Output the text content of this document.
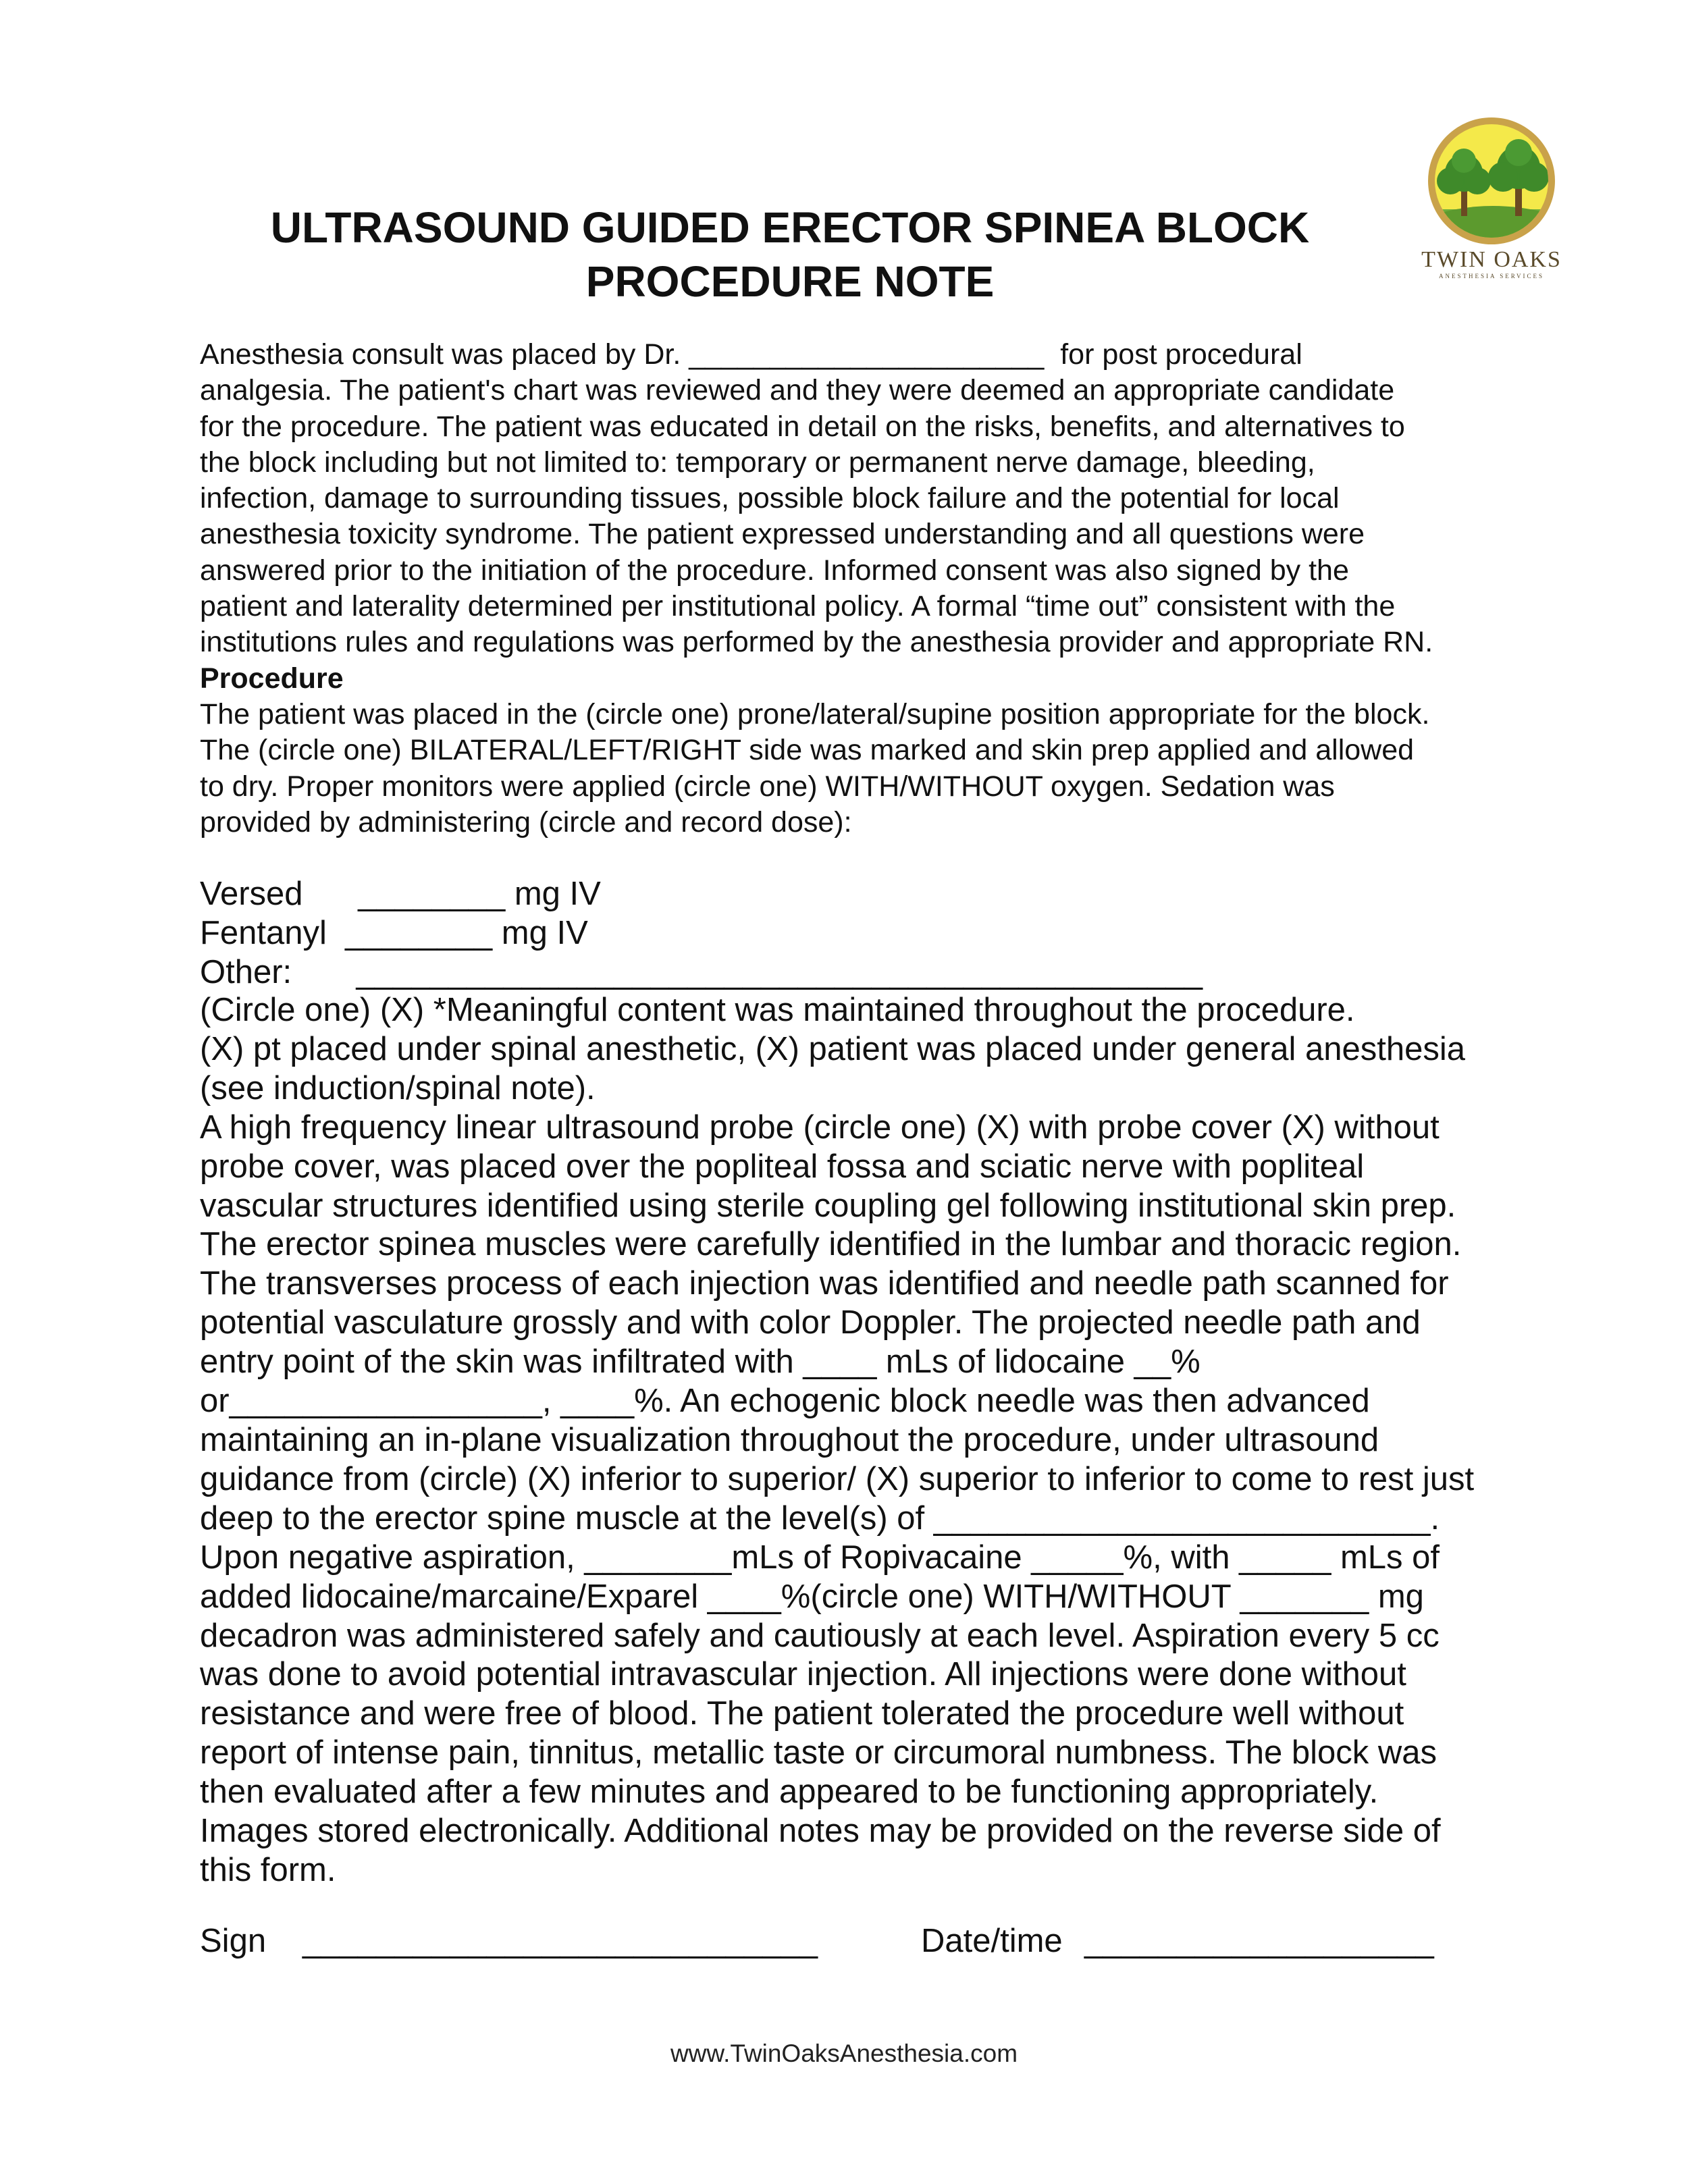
TWIN OAKS
ANESTHESIA SERVICES
ULTRASOUND GUIDED ERECTOR SPINEA BLOCK
PROCEDURE NOTE
Anesthesia consult was placed by Dr. ______________________  for post procedural
analgesia. The patient's chart was reviewed and they were deemed an appropriate candidate
for the procedure. The patient was educated in detail on the risks, benefits, and alternatives to
the block including but not limited to: temporary or permanent nerve damage, bleeding,
infection, damage to surrounding tissues, possible block failure and the potential for local
anesthesia toxicity syndrome. The patient expressed understanding and all questions were
answered prior to the initiation of the procedure. Informed consent was also signed by the
patient and laterality determined per institutional policy. A formal “time out” consistent with the
institutions rules and regulations was performed by the anesthesia provider and appropriate RN.
Procedure
The patient was placed in the (circle one) prone/lateral/supine position appropriate for the block.
The (circle one) BILATERAL/LEFT/RIGHT side was marked and skin prep applied and allowed
to dry. Proper monitors were applied (circle one) WITH/WITHOUT oxygen. Sedation was
provided by administering (circle and record dose):
Versed      ________ mg IV
Fentanyl  ________ mg IV
Other:       ______________________________________________
(Circle one) (X) *Meaningful content was maintained throughout the procedure.
(X) pt placed under spinal anesthetic, (X) patient was placed under general anesthesia
(see induction/spinal note).
A high frequency linear ultrasound probe (circle one) (X) with probe cover (X) without
probe cover, was placed over the popliteal fossa and sciatic nerve with popliteal
vascular structures identified using sterile coupling gel following institutional skin prep.
The erector spinea muscles were carefully identified in the lumbar and thoracic region.
The transverses process of each injection was identified and needle path scanned for
potential vasculature grossly and with color Doppler. The projected needle path and
entry point of the skin was infiltrated with ____ mLs of lidocaine __%
or_________________, ____%. An echogenic block needle was then advanced
maintaining an in-plane visualization throughout the procedure, under ultrasound
guidance from (circle) (X) inferior to superior/ (X) superior to inferior to come to rest just
deep to the erector spine muscle at the level(s) of ___________________________.
Upon negative aspiration, ________mLs of Ropivacaine _____%, with _____ mLs of
added lidocaine/marcaine/Exparel ____%(circle one) WITH/WITHOUT _______ mg
decadron was administered safely and cautiously at each level. Aspiration every 5 cc
was done to avoid potential intravascular injection. All injections were done without
resistance and were free of blood. The patient tolerated the procedure well without
report of intense pain, tinnitus, metallic taste or circumoral numbness. The block was
then evaluated after a few minutes and appeared to be functioning appropriately.
Images stored electronically. Additional notes may be provided on the reverse side of
this form.

Sign

____________________________

	Date/time

___________________

www.TwinOaksAnesthesia.com
